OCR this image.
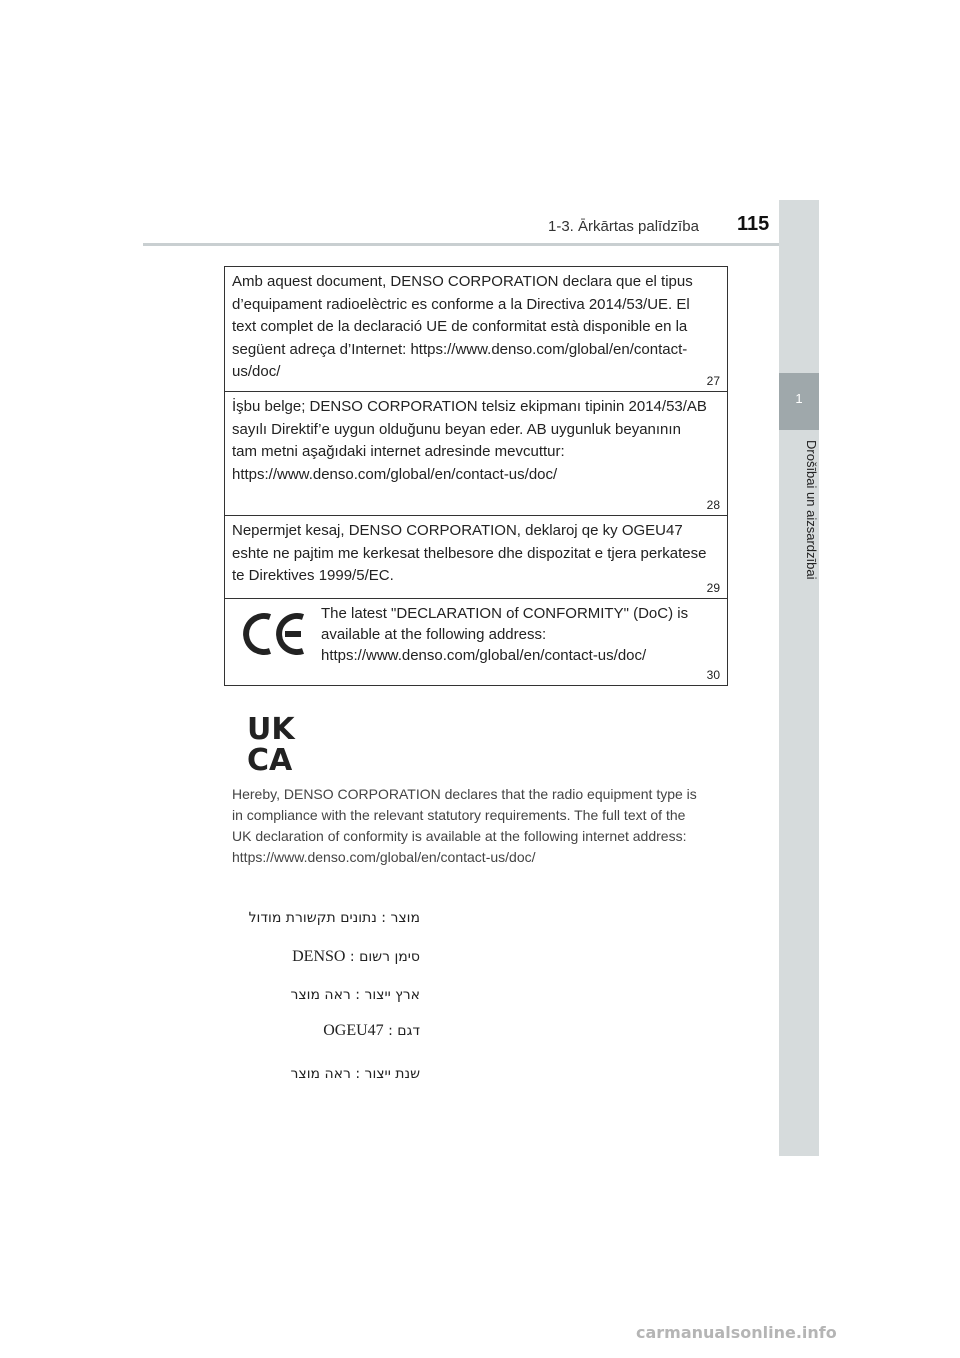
1-3. Ārkārtas palīdzība 115
1
Drošībai un aizsardzībai
Amb aquest document, DENSO CORPORATION declara que el tipus d’equipament radioelèctric es conforme a la Directiva 2014/53/UE. El text complet de la declaració UE de conformitat està disponible en la següent adreça d’Internet: https://www.denso.com/global/en/contact-us/doc/
27
İşbu belge; DENSO CORPORATION telsiz ekipmanı tipinin 2014/53/AB sayılı Direktif’e uygun olduğunu beyan eder. AB uygunluk beyanının tam metni aşağıdaki internet adresinde mevcuttur: https://www.denso.com/global/en/contact-us/doc/
28
Nepermjet kesaj, DENSO CORPORATION, deklaroj qe ky OGEU47 eshte ne pajtim me kerkesat thelbesore dhe dispozitat e tjera perkatese te Direktives 1999/5/EC.
29
The latest "DECLARATION of CONFORMITY" (DoC) is available at the following address: https://www.denso.com/global/en/contact-us/doc/
30
UK
CA
Hereby, DENSO CORPORATION declares that the radio equipment type is in compliance with the relevant statutory requirements. The full text of the UK declaration of conformity is available at the following internet address: https://www.denso.com/global/en/contact-us/doc/
מוצר : נתונים תקשורת מודול
סימן רשום : DENSO
ארץ ייצור : ראה מוצר
דגם : OGEU47
שנת ייצור : ראה מוצר
carmanualsonline.info
